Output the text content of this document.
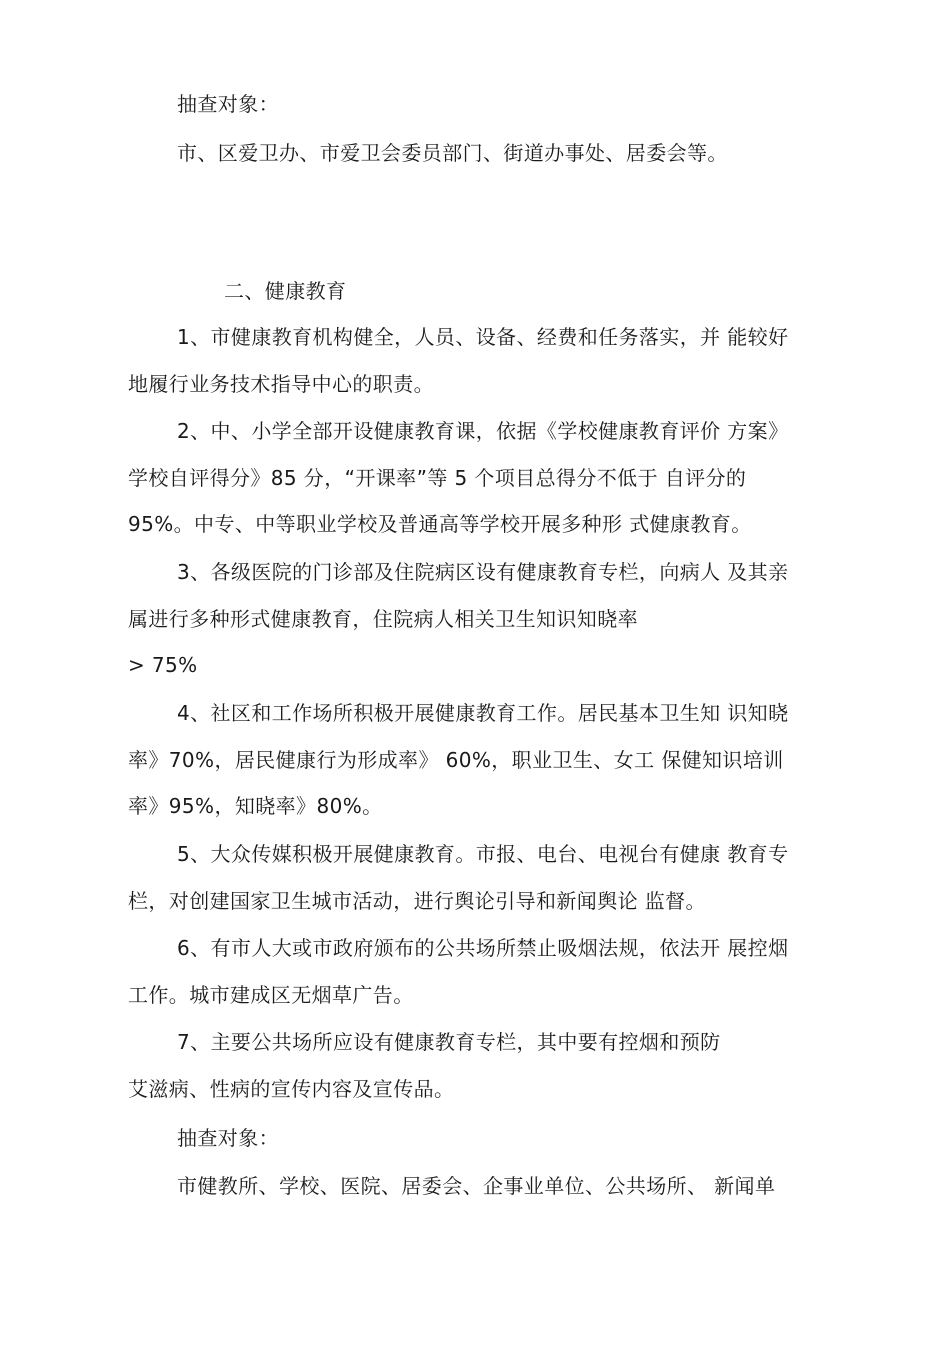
抽查对象：
市、区爱卫办、市爱卫会委员部门、街道办事处、居委会等。
二、健康教育
1、市健康教育机构健全，人员、设备、经费和任务落实，并 能较好
地履行业务技术指导中心的职责。
2、中、小学全部开设健康教育课，依据《学校健康教育评价 方案》
学校自评得分》85 分，“开课率”等 5 个项目总得分不低于 自评分的
95%。中专、中等职业学校及普通高等学校开展多种形 式健康教育。
3、各级医院的门诊部及住院病区设有健康教育专栏，向病人 及其亲
属进行多种形式健康教育，住院病人相关卫生知识知晓率
> 75%
4、社区和工作场所积极开展健康教育工作。居民基本卫生知 识知晓
率》70%，居民健康行为形成率》 60%，职业卫生、女工 保健知识培训
率》95%，知晓率》80%。
5、大众传媒积极开展健康教育。市报、电台、电视台有健康 教育专
栏，对创建国家卫生城市活动，进行舆论引导和新闻舆论 监督。
6、有市人大或市政府颁布的公共场所禁止吸烟法规，依法开 展控烟
工作。城市建成区无烟草广告。
7、主要公共场所应设有健康教育专栏，其中要有控烟和预防
艾滋病、性病的宣传内容及宣传品。
抽查对象：
市健教所、学校、医院、居委会、企事业单位、公共场所、 新闻单
